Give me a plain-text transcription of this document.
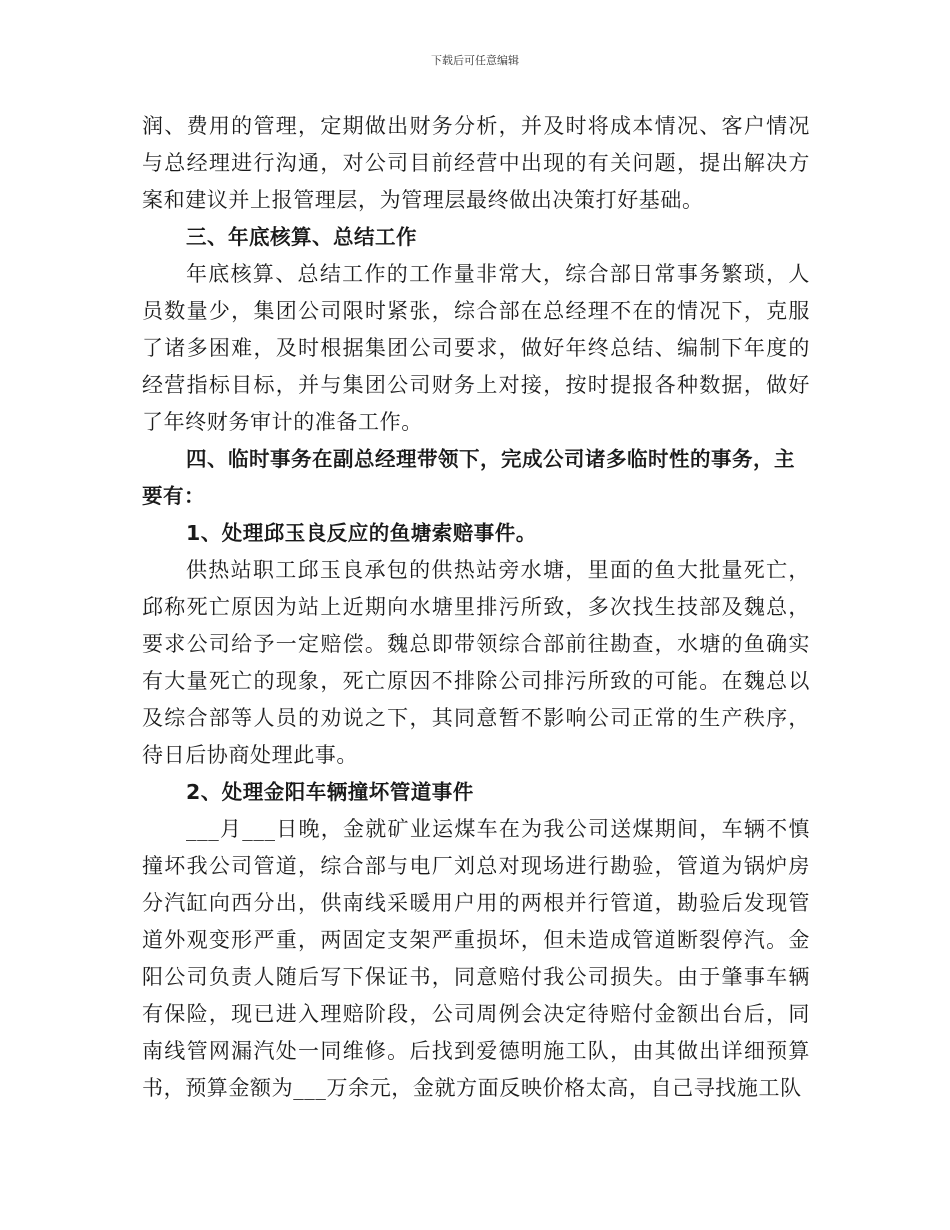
下载后可任意编辑

润、费用的管理，定期做出财务分析，并及时将成本情况、客户情况与总经理进行沟通，对公司目前经营中出现的有关问题，提出解决方案和建议并上报管理层，为管理层最终做出决策打好基础。

三、年底核算、总结工作

年底核算、总结工作的工作量非常大，综合部日常事务繁琐，人员数量少，集团公司限时紧张，综合部在总经理不在的情况下，克服了诸多困难，及时根据集团公司要求，做好年终总结、编制下年度的经营指标目标，并与集团公司财务上对接，按时提报各种数据，做好了年终财务审计的准备工作。

四、临时事务在副总经理带领下，完成公司诸多临时性的事务，主要有：

1、处理邱玉良反应的鱼塘索赔事件。

供热站职工邱玉良承包的供热站旁水塘，里面的鱼大批量死亡，邱称死亡原因为站上近期向水塘里排污所致，多次找生技部及魏总，要求公司给予一定赔偿。魏总即带领综合部前往勘查，水塘的鱼确实有大量死亡的现象，死亡原因不排除公司排污所致的可能。在魏总以及综合部等人员的劝说之下，其同意暂不影响公司正常的生产秩序，待日后协商处理此事。

2、处理金阳车辆撞坏管道事件

___月___日晚，金就矿业运煤车在为我公司送煤期间，车辆不慎撞坏我公司管道，综合部与电厂刘总对现场进行勘验，管道为锅炉房分汽缸向西分出，供南线采暖用户用的两根并行管道，勘验后发现管道外观变形严重，两固定支架严重损坏，但未造成管道断裂停汽。金阳公司负责人随后写下保证书，同意赔付我公司损失。由于肇事车辆有保险，现已进入理赔阶段，公司周例会决定待赔付金额出台后，同南线管网漏汽处一同维修。后找到爱德明施工队，由其做出详细预算书，预算金额为___万余元，金就方面反映价格太高，自己寻找施工队
